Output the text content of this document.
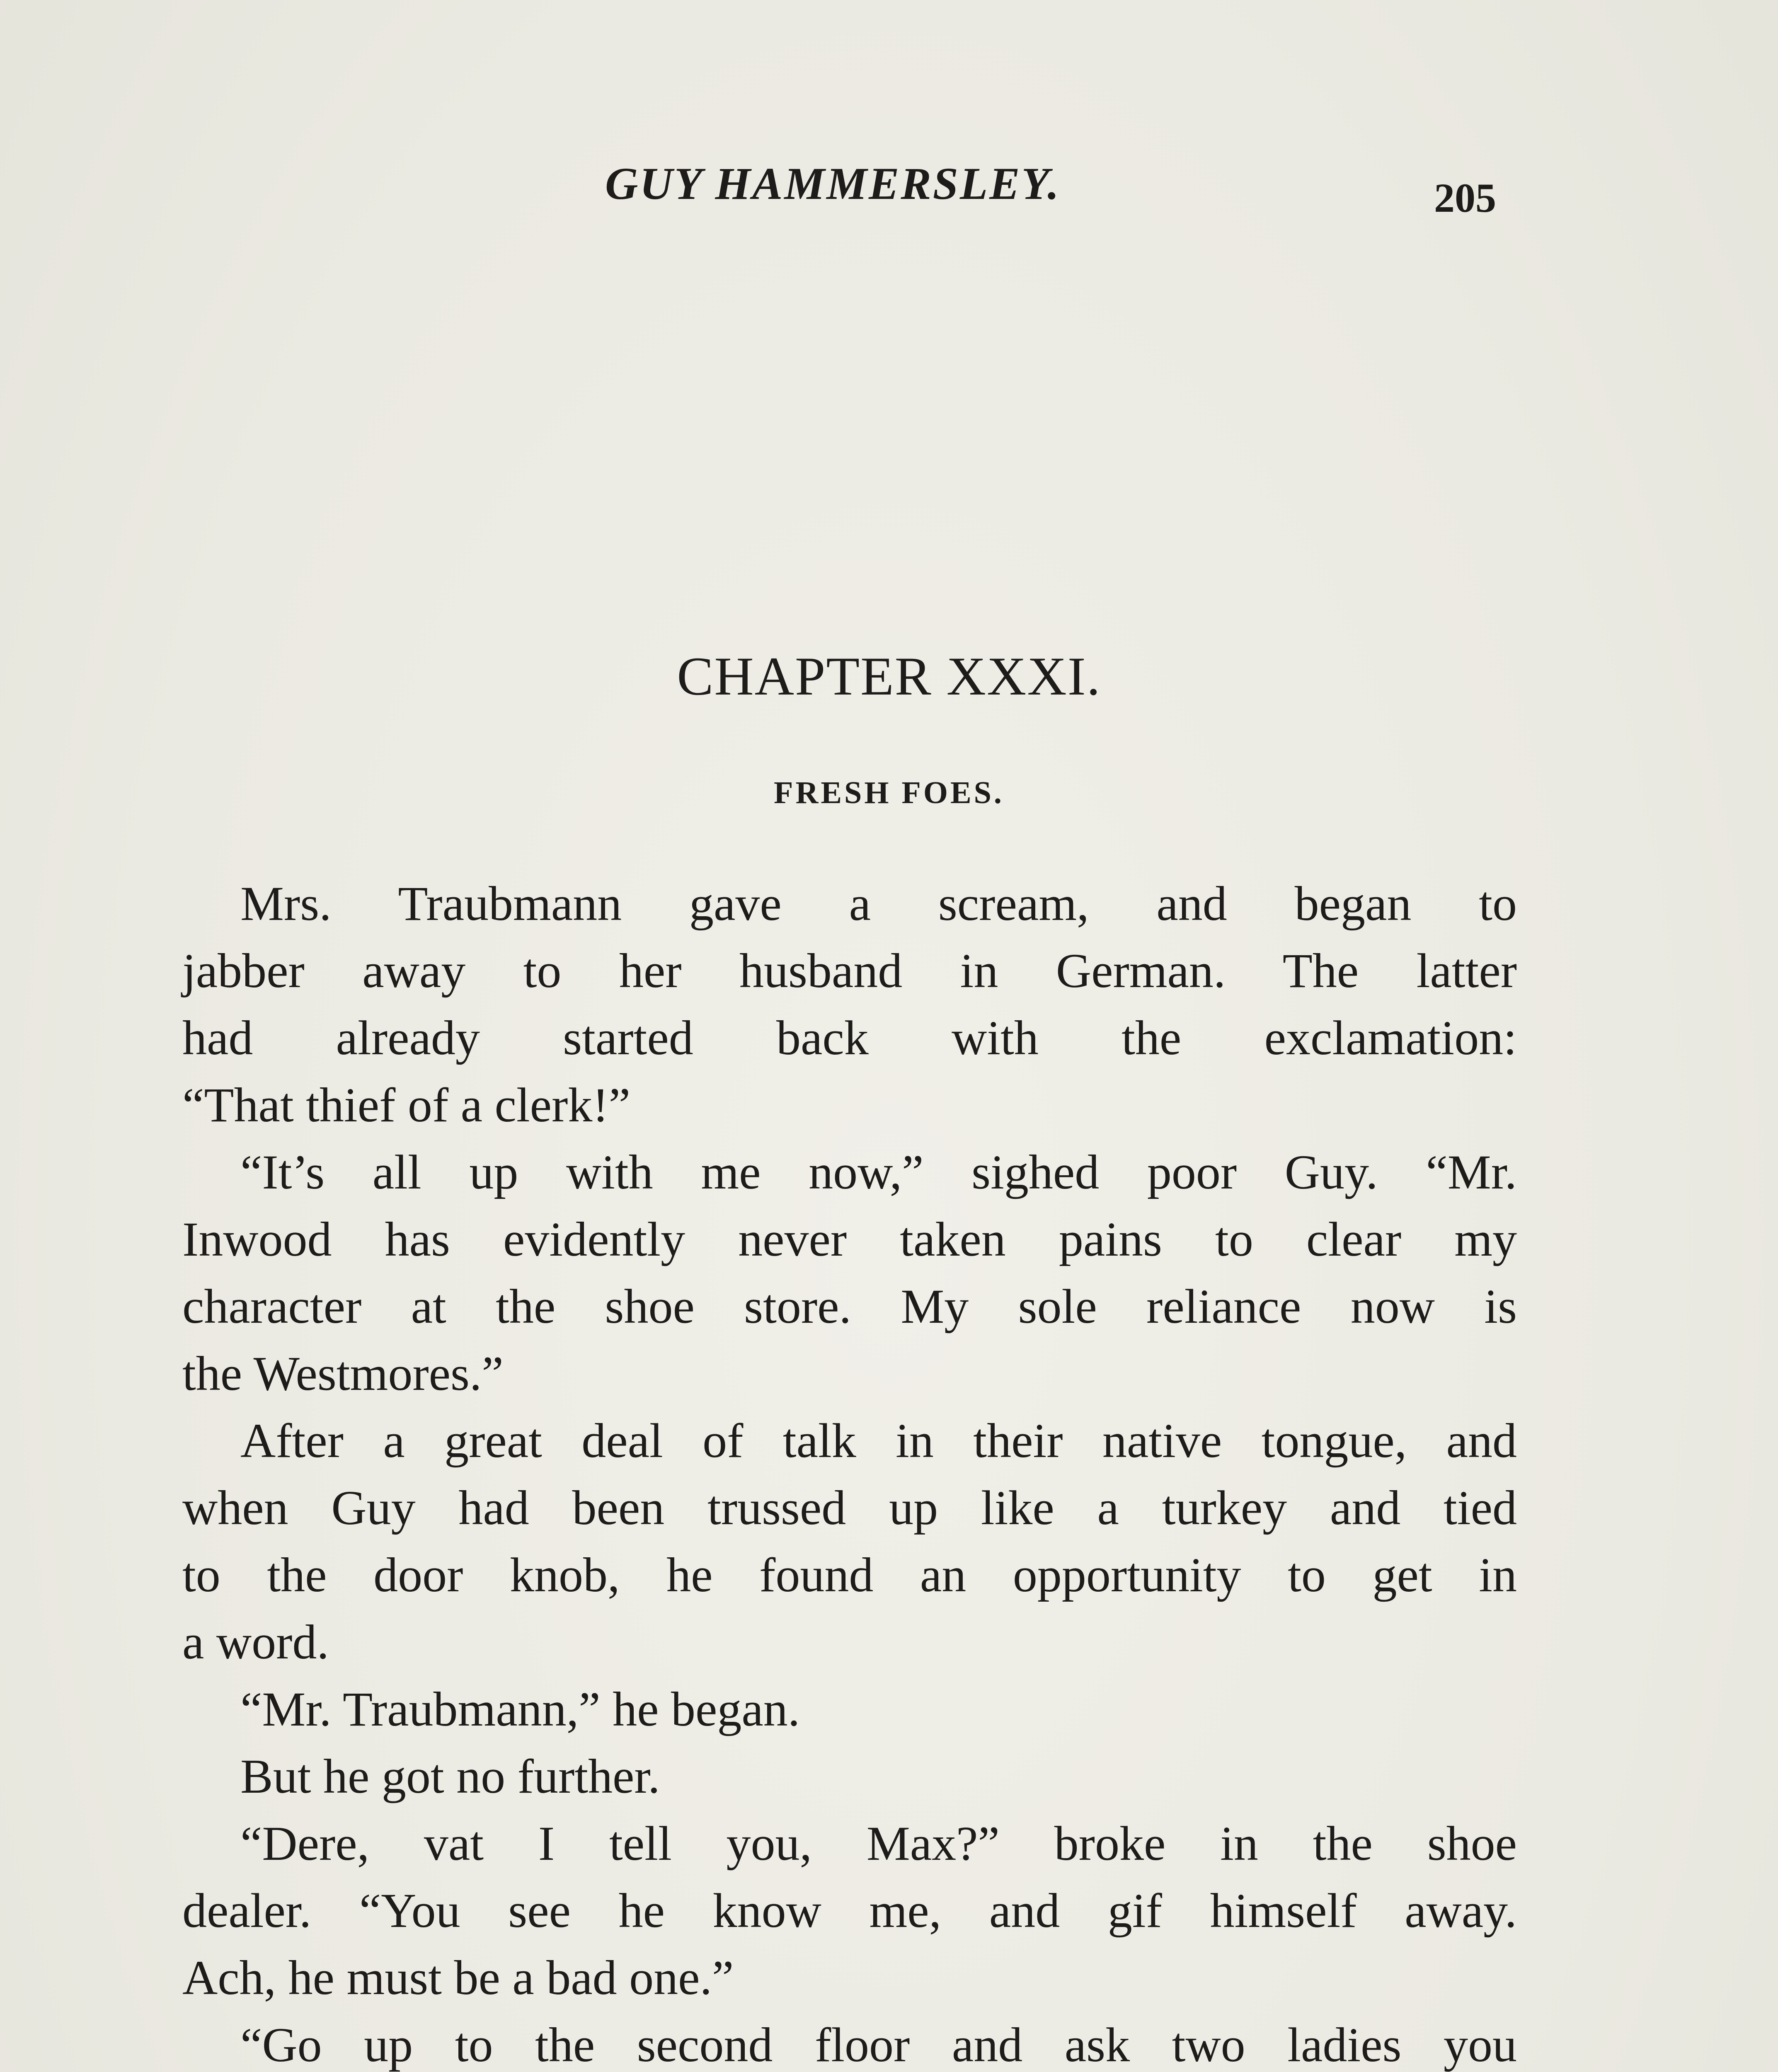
GUY HAMMERSLEY.	205
CHAPTER XXXI.
FRESH FOES.
Mrs. Traubmann gave a scream, and began to
jabber away to her husband in German. The latter
had already started back with the exclamation:
“That thief of a clerk!”
“It’s all up with me now,” sighed poor Guy. “Mr.
Inwood has evidently never taken pains to clear my
character at the shoe store. My sole reliance now is
the Westmores.”
After a great deal of talk in their native tongue, and
when Guy had been trussed up like a turkey and tied
to the door knob, he found an opportunity to get in
a word.
“Mr. Traubmann,” he began.
But he got no further.
“Dere, vat I tell you, Max?” broke in the shoe
dealer. “You see he know me, and gif himself away.
Ach, he must be a bad one.”
“Go up to the second floor and ask two ladies you
